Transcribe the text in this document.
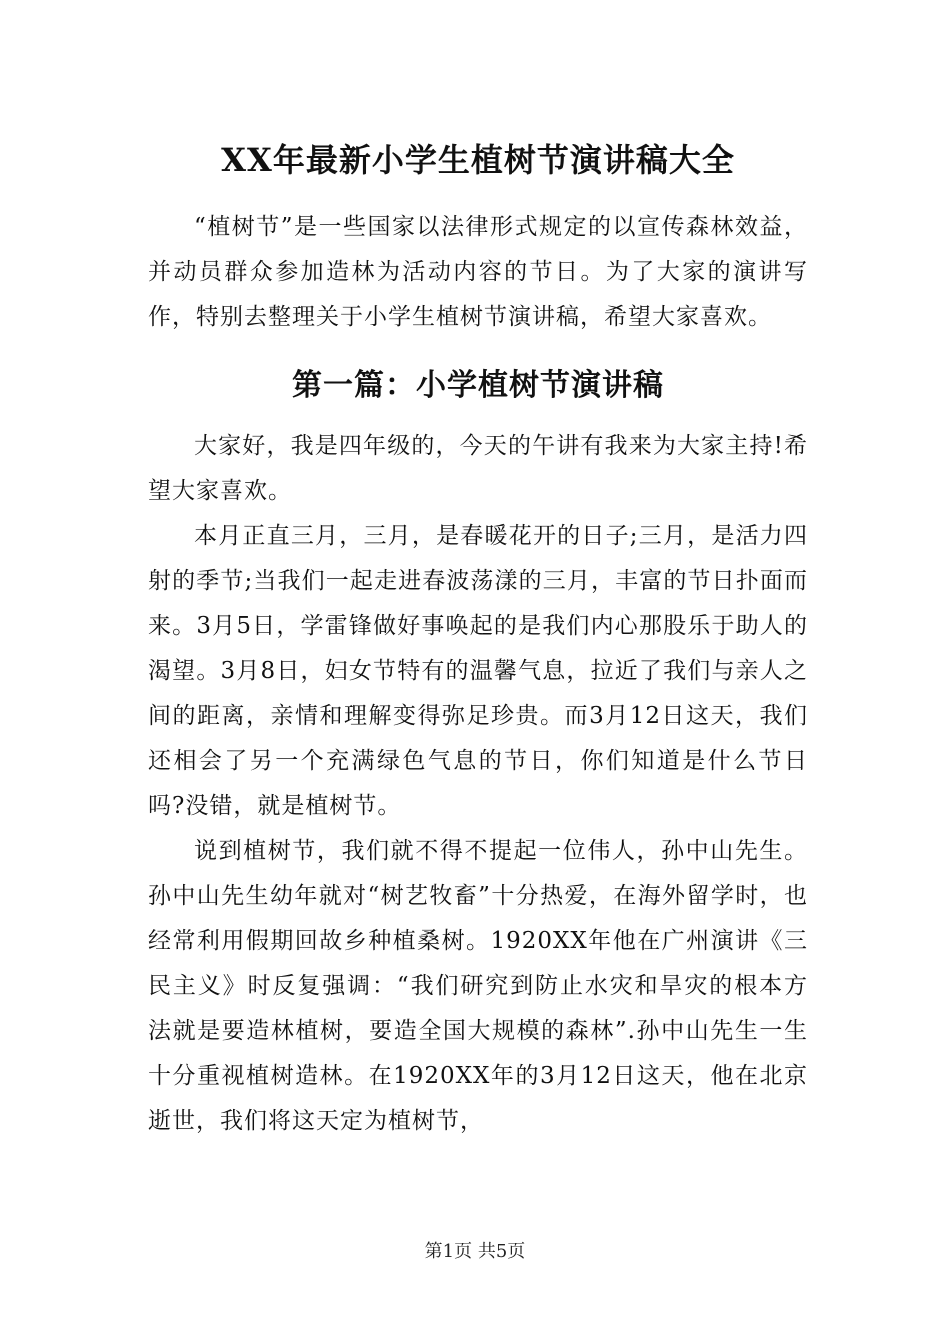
XX年最新小学生植树节演讲稿大全

“植树节”是一些国家以法律形式规定的以宣传森林效益，并动员群众参加造林为活动内容的节日。为了大家的演讲写作，特别去整理关于小学生植树节演讲稿，希望大家喜欢。

第一篇：小学植树节演讲稿

大家好，我是四年级的，今天的午讲有我来为大家主持!希望大家喜欢。

本月正直三月，三月，是春暖花开的日子;三月，是活力四射的季节;当我们一起走进春波荡漾的三月，丰富的节日扑面而来。3月5日，学雷锋做好事唤起的是我们内心那股乐于助人的渴望。3月8日，妇女节特有的温馨气息，拉近了我们与亲人之间的距离，亲情和理解变得弥足珍贵。而3月12日这天，我们还相会了另一个充满绿色气息的节日，你们知道是什么节日吗?没错，就是植树节。

说到植树节，我们就不得不提起一位伟人，孙中山先生。孙中山先生幼年就对“树艺牧畜”十分热爱，在海外留学时，也经常利用假期回故乡种植桑树。1920XX年他在广州演讲《三民主义》时反复强调：“我们研究到防止水灾和旱灾的根本方法就是要造林植树，要造全国大规模的森林”.孙中山先生一生十分重视植树造林。在1920XX年的3月12日这天，他在北京逝世，我们将这天定为植树节，

第1页 共5页
